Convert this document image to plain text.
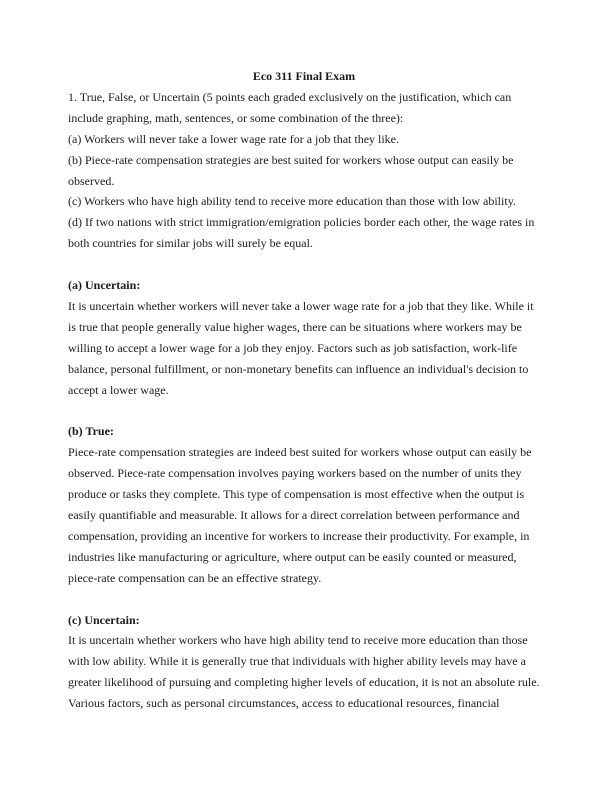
Eco 311 Final Exam

1. True, False, or Uncertain (5 points each graded exclusively on the justification, which can include graphing, math, sentences, or some combination of the three):

(a) Workers will never take a lower wage rate for a job that they like.

(b) Piece-rate compensation strategies are best suited for workers whose output can easily be observed.

(c) Workers who have high ability tend to receive more education than those with low ability.

(d) If two nations with strict immigration/emigration policies border each other, the wage rates in both countries for similar jobs will surely be equal.

(a) Uncertain:

It is uncertain whether workers will never take a lower wage rate for a job that they like. While it is true that people generally value higher wages, there can be situations where workers may be willing to accept a lower wage for a job they enjoy. Factors such as job satisfaction, work-life balance, personal fulfillment, or non-monetary benefits can influence an individual's decision to accept a lower wage.

(b) True:

Piece-rate compensation strategies are indeed best suited for workers whose output can easily be observed. Piece-rate compensation involves paying workers based on the number of units they produce or tasks they complete. This type of compensation is most effective when the output is easily quantifiable and measurable. It allows for a direct correlation between performance and compensation, providing an incentive for workers to increase their productivity. For example, in industries like manufacturing or agriculture, where output can be easily counted or measured, piece-rate compensation can be an effective strategy.

(c) Uncertain:

It is uncertain whether workers who have high ability tend to receive more education than those with low ability. While it is generally true that individuals with higher ability levels may have a greater likelihood of pursuing and completing higher levels of education, it is not an absolute rule. Various factors, such as personal circumstances, access to educational resources, financial
